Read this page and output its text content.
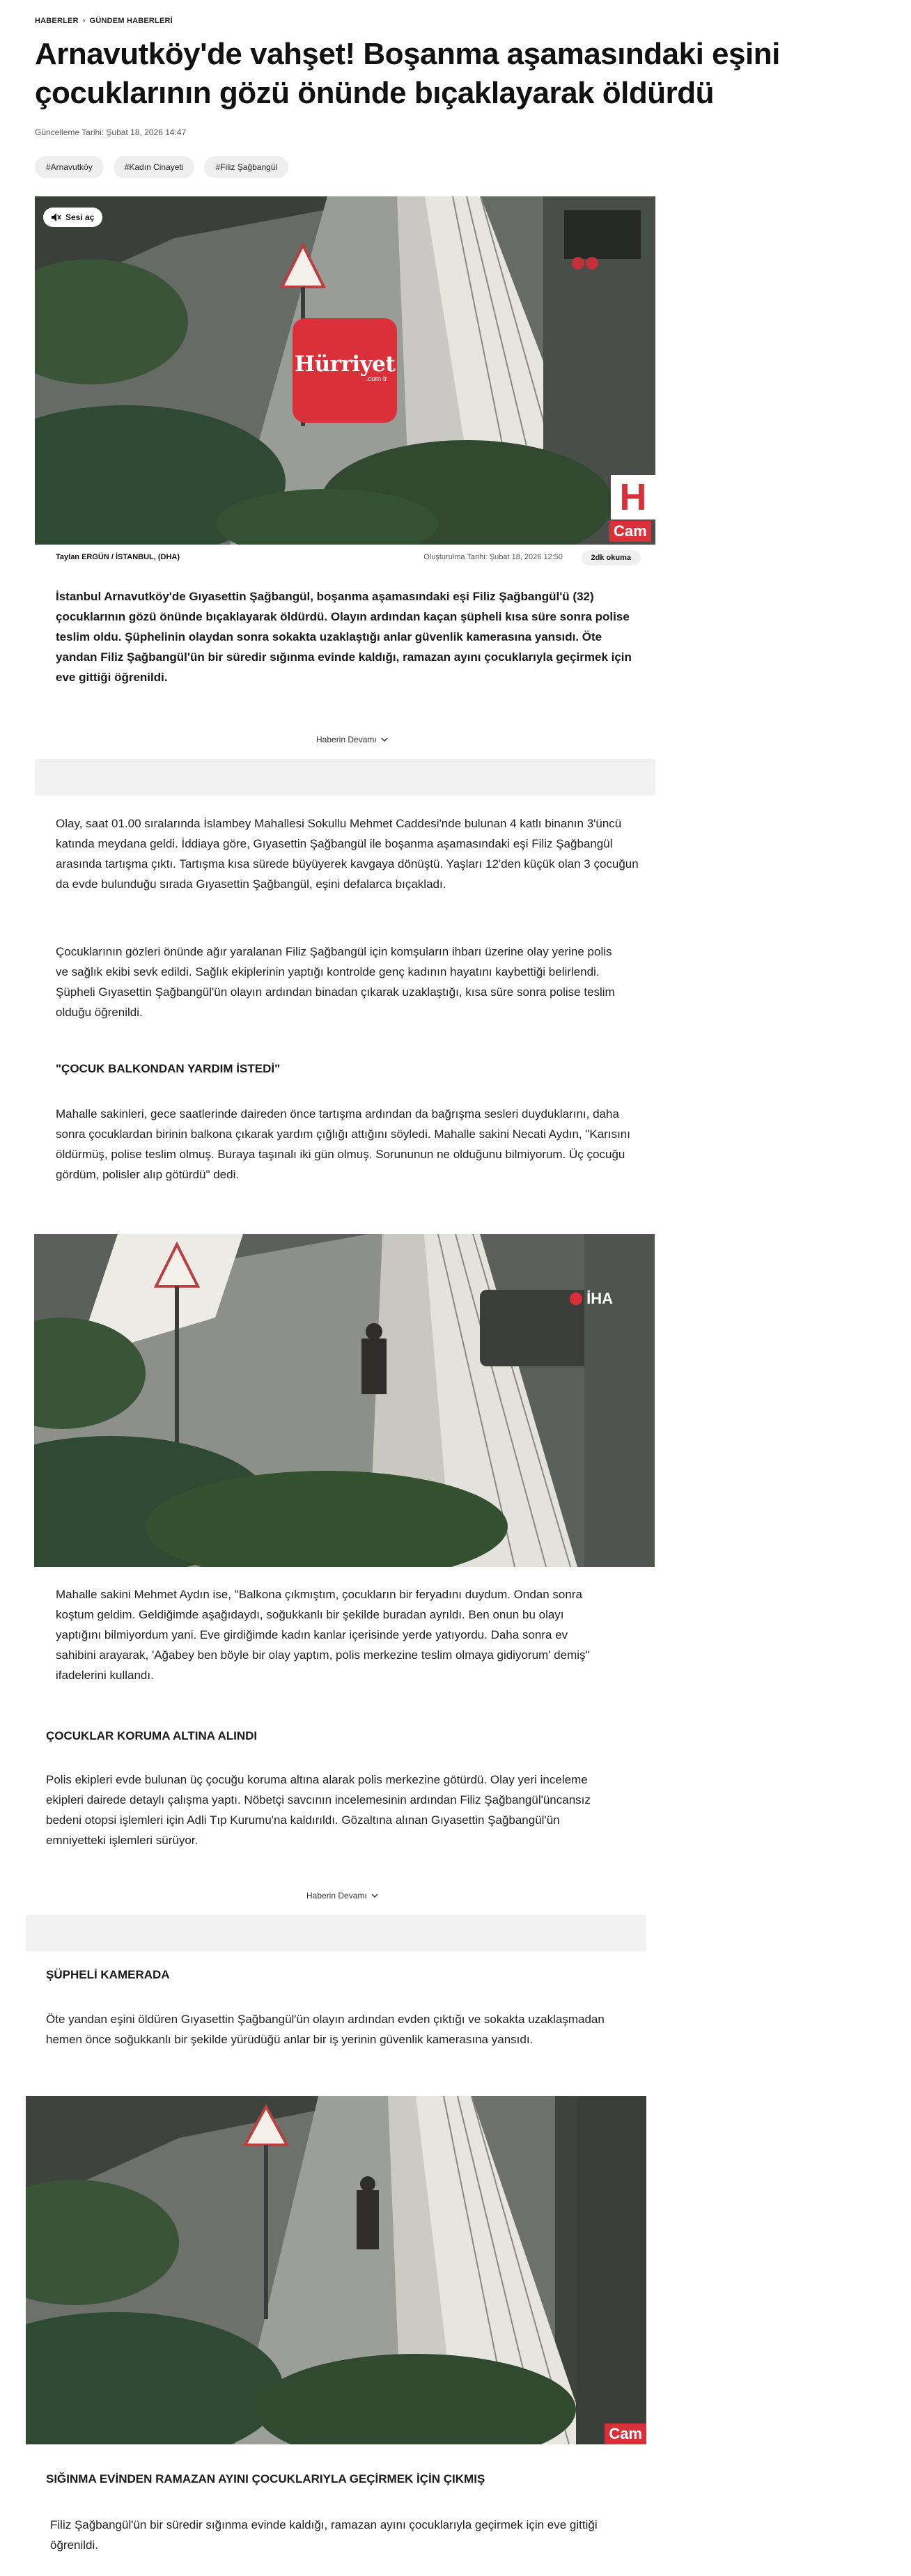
HABERLER › GÜNDEM HABERLERİ
Arnavutköy'de vahşet! Boşanma aşamasındaki eşini çocuklarının gözü önünde bıçaklayarak öldürdü
Güncelleme Tarihi: Şubat 18, 2026 14:47
#Arnavutköy	#Kadın Cinayeti	#Filiz Şağbangül
Sesi aç
Hürriyet
.com.tr
H
Cam
Taylan ERGÜN / İSTANBUL, (DHA)	Oluşturulma Tarihi: Şubat 18, 2026 12:50	2dk okuma

İstanbul Arnavutköy'de Gıyasettin Şağbangül, boşanma aşamasındaki eşi Filiz Şağbangül'ü (32) çocuklarının gözü önünde bıçaklayarak öldürdü. Olayın ardından kaçan şüpheli kısa süre sonra polise teslim oldu. Şüphelinin olaydan sonra sokakta uzaklaştığı anlar güvenlik kamerasına yansıdı. Öte yandan Filiz Şağbangül'ün bir süredir sığınma evinde kaldığı, ramazan ayını çocuklarıyla geçirmek için eve gittiği öğrenildi.

Haberin Devamı

Olay, saat 01.00 sıralarında İslambey Mahallesi Sokullu Mehmet Caddesi'nde bulunan 4 katlı binanın 3'üncü katında meydana geldi. İddiaya göre, Gıyasettin Şağbangül ile boşanma aşamasındaki eşi Filiz Şağbangül arasında tartışma çıktı. Tartışma kısa sürede büyüyerek kavgaya dönüştü. Yaşları 12'den küçük olan 3 çocuğun da evde bulunduğu sırada Gıyasettin Şağbangül, eşini defalarca bıçakladı.

Çocuklarının gözleri önünde ağır yaralanan Filiz Şağbangül için komşuların ihbarı üzerine olay yerine polis ve sağlık ekibi sevk edildi. Sağlık ekiplerinin yaptığı kontrolde genç kadının hayatını kaybettiği belirlendi. Şüpheli Gıyasettin Şağbangül'ün olayın ardından binadan çıkarak uzaklaştığı, kısa süre sonra polise teslim olduğu öğrenildi.

"ÇOCUK BALKONDAN YARDIM İSTEDİ"

Mahalle sakinleri, gece saatlerinde daireden önce tartışma ardından da bağrışma sesleri duyduklarını, daha sonra çocuklardan birinin balkona çıkarak yardım çığlığı attığını söyledi. Mahalle sakini Necati Aydın, "Karısını öldürmüş, polise teslim olmuş. Buraya taşınalı iki gün olmuş. Sorununun ne olduğunu bilmiyorum. Üç çocuğu gördüm, polisler alıp götürdü" dedi.

İHA

Mahalle sakini Mehmet Aydın ise, "Balkona çıkmıştım, çocukların bir feryadını duydum. Ondan sonra koştum geldim. Geldiğimde aşağıdaydı, soğukkanlı bir şekilde buradan ayrıldı. Ben onun bu olayı yaptığını bilmiyordum yani. Eve girdiğimde kadın kanlar içerisinde yerde yatıyordu. Daha sonra ev sahibini arayarak, 'Ağabey ben böyle bir olay yaptım, polis merkezine teslim olmaya gidiyorum' demiş" ifadelerini kullandı.

ÇOCUKLAR KORUMA ALTINA ALINDI

Polis ekipleri evde bulunan üç çocuğu koruma altına alarak polis merkezine götürdü. Olay yeri inceleme ekipleri dairede detaylı çalışma yaptı. Nöbetçi savcının incelemesinin ardından Filiz Şağbangül'üncansız bedeni otopsi işlemleri için Adli Tıp Kurumu'na kaldırıldı. Gözaltına alınan Gıyasettin Şağbangül'ün emniyetteki işlemleri sürüyor.

Haberin Devamı
ŞÜPHELİ KAMERADA

Öte yandan eşini öldüren Gıyasettin Şağbangül'ün olayın ardından evden çıktığı ve sokakta uzaklaşmadan hemen önce soğukkanlı bir şekilde yürüdüğü anlar bir iş yerinin güvenlik kamerasına yansıdı.

Cam
SIĞINMA EVİNDEN RAMAZAN AYINI ÇOCUKLARIYLA GEÇİRMEK İÇİN ÇIKMIŞ

Filiz Şağbangül'ün bir süredir sığınma evinde kaldığı, ramazan ayını çocuklarıyla geçirmek için eve gittiği öğrenildi.
